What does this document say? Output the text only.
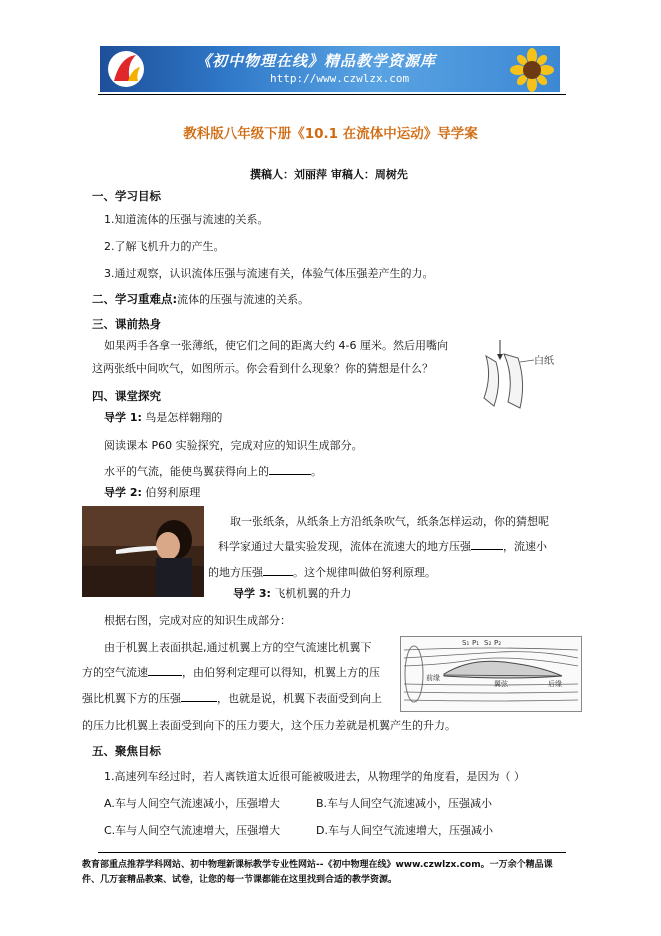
《初中物理在线》精品教学资源库
http://www.czwlzx.com
教科版八年级下册《10.1 在流体中运动》导学案
撰稿人：刘丽萍 审稿人：周树先
一、学习目标
1.知道流体的压强与流速的关系。
2.了解飞机升力的产生。
3.通过观察，认识流体压强与流速有关，体验气体压强差产生的力。
二、学习重难点:流体的压强与流速的关系。
三、课前热身
如果两手各拿一张薄纸，使它们之间的距离大约 4-6 厘米。然后用嘴向
这两张纸中间吹气，如图所示。你会看到什么现象？你的猜想是什么？
白纸
四、课堂探究
导学 1: 鸟是怎样翱翔的
阅读课本 P60 实验探究，完成对应的知识生成部分。
水平的气流，能使鸟翼获得向上的	。
导学 2: 伯努利原理
取一张纸条，从纸条上方沿纸条吹气，纸条怎样运动，你的猜想呢
科学家通过大量实验发现，流体在流速大的地方压强	，流速小
的地方压强	。这个规律叫做伯努利原理。
导学 3: 飞机机翼的升力
根据右图，完成对应的知识生成部分：
由于机翼上表面拱起,通过机翼上方的空气流速比机翼下
方的空气流速	，由伯努利定理可以得知，机翼上方的压
强比机翼下方的压强	，也就是说，机翼下表面受到向上
的压力比机翼上表面受到向下的压力要大，这个压力差就是机翼产生的升力。
S₁ P₁ S₂ P₂
前缘
翼弦	后缘
五、聚焦目标
1.高速列车经过时，若人离铁道太近很可能被吸进去，从物理学的角度看，是因为（ ）
A.车与人间空气流速减小，压强增大	B.车与人间空气流速减小，压强减小
C.车与人间空气流速增大，压强增大	D.车与人间空气流速增大，压强减小
教育部重点推荐学科网站、初中物理新课标教学专业性网站--《初中物理在线》www.czwlzx.com。一万余个精品课
件、几万套精品教案、试卷，让您的每一节课都能在这里找到合适的教学资源。
